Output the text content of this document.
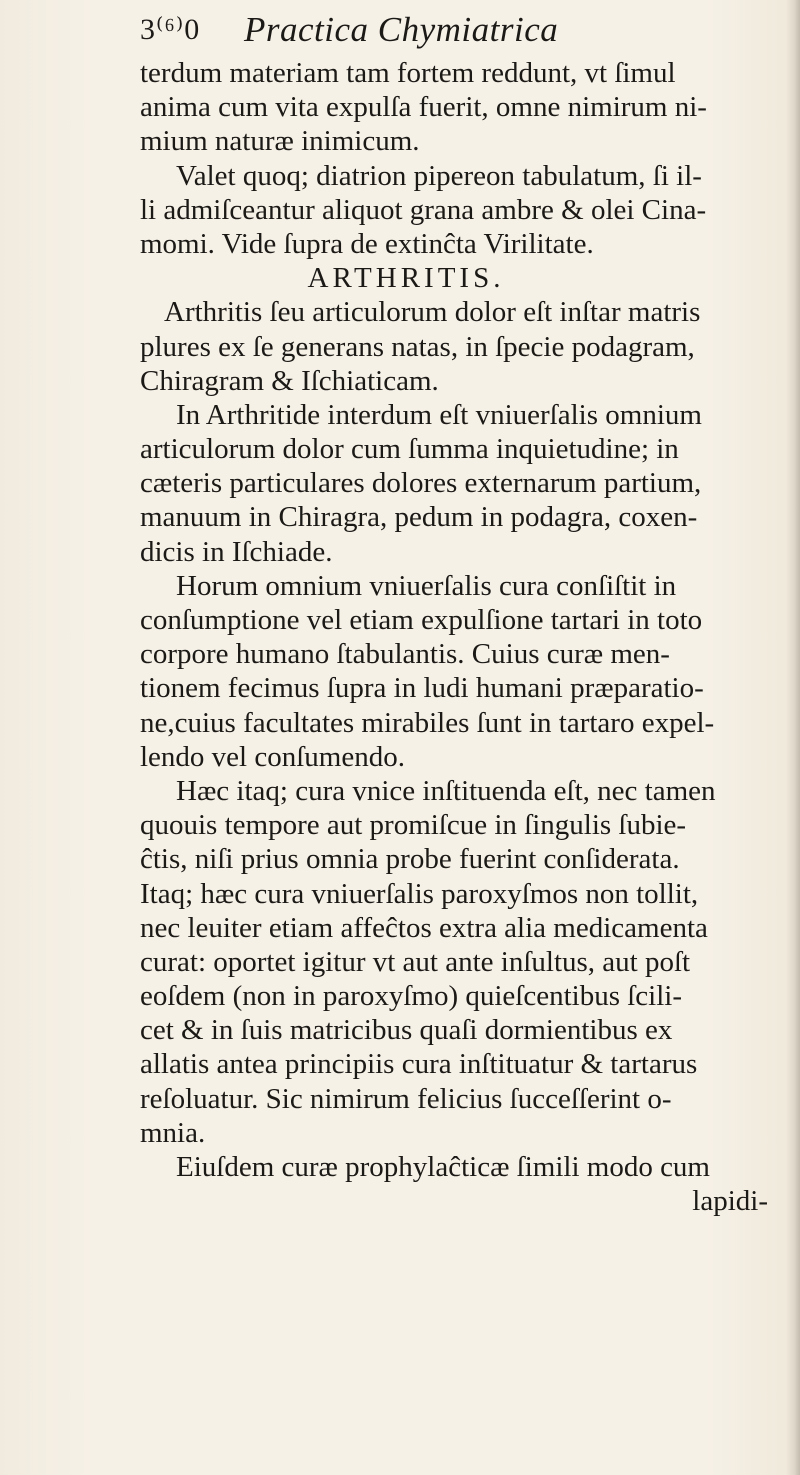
3⁽⁶⁾0 Practica Chymiatrica
terdum materiam tam fortem reddunt, vt ſimul
anima cum vita expulſa fuerit, omne nimirum ni-
mium naturæ inimicum.
Valet quoq; diatrion pipereon tabulatum, ſi il-
li admiſceantur aliquot grana ambre & olei Cina-
momi. Vide ſupra de extinĉta Virilitate.
ARTHRITIS.
Arthritis ſeu articulorum dolor eſt inſtar matris
plures ex ſe generans natas, in ſpecie podagram,
Chiragram & Iſchiaticam.
In Arthritide interdum eſt vniuerſalis omnium
articulorum dolor cum ſumma inquietudine; in
cæteris particulares dolores externarum partium,
manuum in Chiragra, pedum in podagra, coxen-
dicis in Iſchiade.
Horum omnium vniuerſalis cura conſiſtit in
conſumptione vel etiam expulſione tartari in toto
corpore humano ſtabulantis. Cuius curæ men-
tionem fecimus ſupra in ludi humani præparatio-
ne,cuius facultates mirabiles ſunt in tartaro expel-
lendo vel conſumendo.
Hæc itaq; cura vnice inſtituenda eſt, nec tamen
quouis tempore aut promiſcue in ſingulis ſubie-
ĉtis, niſi prius omnia probe fuerint conſiderata.
Itaq; hæc cura vniuerſalis paroxyſmos non tollit,
nec leuiter etiam affeĉtos extra alia medicamenta
curat: oportet igitur vt aut ante inſultus, aut poſt
eoſdem (non in paroxyſmo) quieſcentibus ſcili-
cet & in ſuis matricibus quaſi dormientibus ex
allatis antea principiis cura inſtituatur & tartarus
reſoluatur. Sic nimirum felicius ſucceſſerint o-
mnia.
Eiuſdem curæ prophylaĉticæ ſimili modo cum
lapidi-
